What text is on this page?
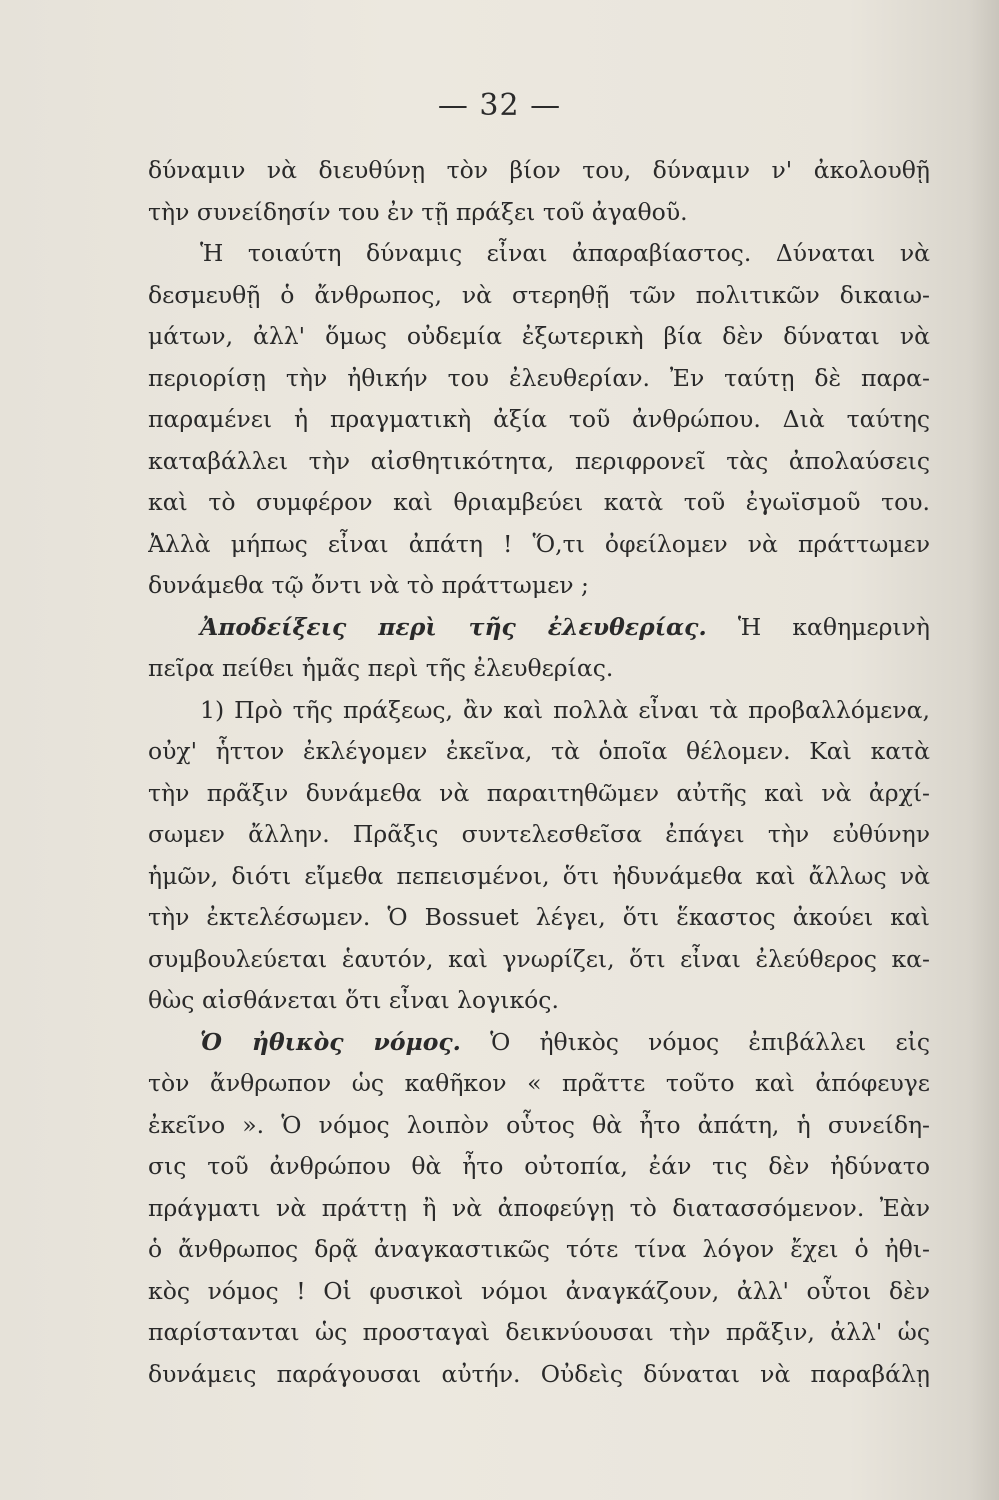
— 32 —
δύναμιν νὰ διευθύνῃ τὸν βίον του, δύναμιν ν' ἀκολουθῇ
τὴν συνείδησίν του ἐν τῇ πράξει τοῦ ἀγαθοῦ.
Ἡ τοιαύτη δύναμις εἶναι ἀπαραβίαστος. Δύναται νὰ
δεσμευθῇ ὁ ἄνθρωπος, νὰ στερηθῇ τῶν πολιτικῶν δικαιω-
μάτων, ἀλλ' ὅμως οὐδεμία ἐξωτερικὴ βία δὲν δύναται νὰ
περιορίσῃ τὴν ἠθικήν του ἐλευθερίαν. Ἐν ταύτῃ δὲ παρα-
παραμένει ἡ πραγματικὴ ἀξία τοῦ ἀνθρώπου. Διὰ ταύτης
καταβάλλει τὴν αἰσθητικότητα, περιφρονεῖ τὰς ἀπολαύσεις
καὶ τὸ συμφέρον καὶ θριαμβεύει κατὰ τοῦ ἐγωϊσμοῦ του.
Ἀλλὰ μήπως εἶναι ἀπάτη ! Ὅ,τι ὀφείλομεν νὰ πράττωμεν
δυνάμεθα τῷ ὄντι νὰ τὸ πράττωμεν ;
Ἀποδείξεις περὶ τῆς ἐλευθερίας. Ἡ καθημερινὴ
πεῖρα πείθει ἡμᾶς περὶ τῆς ἐλευθερίας.
1) Πρὸ τῆς πράξεως, ἂν καὶ πολλὰ εἶναι τὰ προβαλλόμενα,
οὐχ' ἧττον ἐκλέγομεν ἐκεῖνα, τὰ ὁποῖα θέλομεν. Καὶ κατὰ
τὴν πρᾶξιν δυνάμεθα νὰ παραιτηθῶμεν αὐτῆς καὶ νὰ ἀρχί-
σωμεν ἄλλην. Πρᾶξις συντελεσθεῖσα ἐπάγει τὴν εὐθύνην
ἡμῶν, διότι εἴμεθα πεπεισμένοι, ὅτι ἠδυνάμεθα καὶ ἄλλως νὰ
τὴν ἐκτελέσωμεν. Ὁ Bossuet λέγει, ὅτι ἕκαστος ἀκούει καὶ
συμβουλεύεται ἑαυτόν, καὶ γνωρίζει, ὅτι εἶναι ἐλεύθερος κα-
θὼς αἰσθάνεται ὅτι εἶναι λογικός.
Ὁ ἠθικὸς νόμος. Ὁ ἠθικὸς νόμος ἐπιβάλλει εἰς
τὸν ἄνθρωπον ὡς καθῆκον « πρᾶττε τοῦτο καὶ ἀπόφευγε
ἐκεῖνο ». Ὁ νόμος λοιπὸν οὗτος θὰ ἦτο ἀπάτη, ἡ συνείδη-
σις τοῦ ἀνθρώπου θὰ ἦτο οὐτοπία, ἐάν τις δὲν ἠδύνατο
πράγματι νὰ πράττῃ ἢ νὰ ἀποφεύγῃ τὸ διατασσόμενον. Ἐὰν
ὁ ἄνθρωπος δρᾷ ἀναγκαστικῶς τότε τίνα λόγον ἔχει ὁ ἠθι-
κὸς νόμος ! Οἱ φυσικοὶ νόμοι ἀναγκάζουν, ἀλλ' οὗτοι δὲν
παρίστανται ὡς προσταγαὶ δεικνύουσαι τὴν πρᾶξιν, ἀλλ' ὡς
δυνάμεις παράγουσαι αὐτήν. Οὐδεὶς δύναται νὰ παραβάλῃ
